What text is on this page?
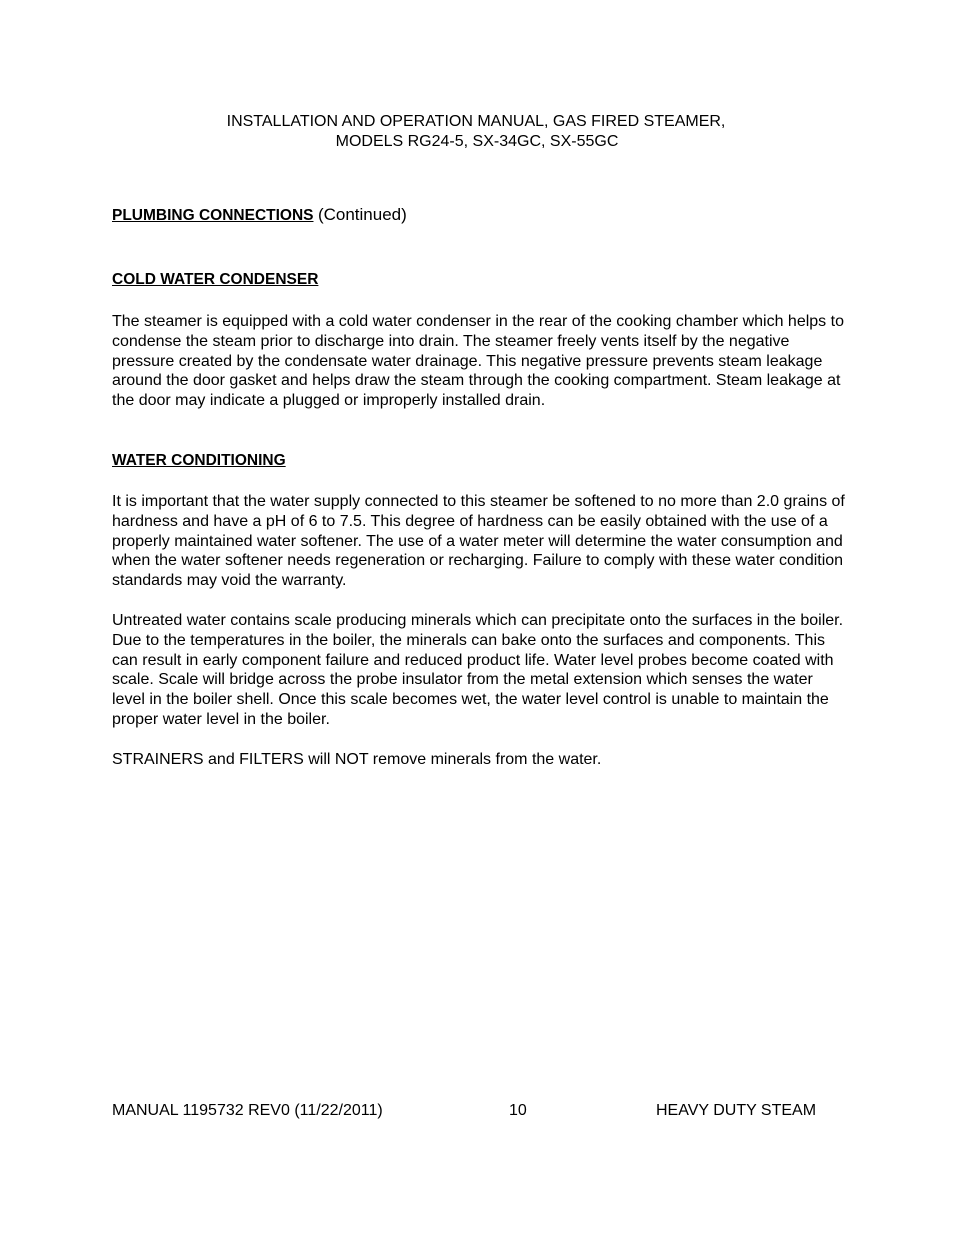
INSTALLATION AND OPERATION MANUAL, GAS FIRED STEAMER,
MODELS RG24-5, SX-34GC, SX-55GC
PLUMBING CONNECTIONS (Continued)
COLD WATER CONDENSER

The steamer is equipped with a cold water condenser in the rear of the cooking chamber which helps to condense the steam prior to discharge into drain. The steamer freely vents itself by the negative pressure created by the condensate water drainage. This negative pressure prevents steam leakage around the door gasket and helps draw the steam through the cooking compartment. Steam leakage at the door may indicate a plugged or improperly installed drain.

WATER CONDITIONING

It is important that the water supply connected to this steamer be softened to no more than 2.0 grains of hardness and have a pH of 6 to 7.5. This degree of hardness can be easily obtained with the use of a properly maintained water softener. The use of a water meter will determine the water consumption and when the water softener needs regeneration or recharging. Failure to comply with these water condition standards may void the warranty.

Untreated water contains scale producing minerals which can precipitate onto the surfaces in the boiler. Due to the temperatures in the boiler, the minerals can bake onto the surfaces and components. This can result in early component failure and reduced product life. Water level probes become coated with scale. Scale will bridge across the probe insulator from the metal extension which senses the water level in the boiler shell. Once this scale becomes wet, the water level control is unable to maintain the proper water level in the boiler.

STRAINERS and FILTERS will NOT remove minerals from the water.

MANUAL 1195732 REV0 (11/22/2011)	10	HEAVY DUTY STEAM
